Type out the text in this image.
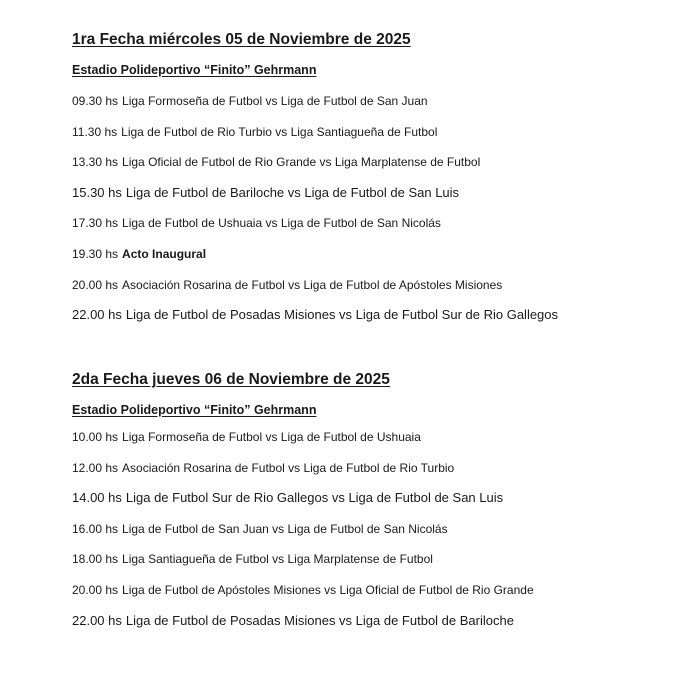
1ra Fecha miércoles 05 de Noviembre de 2025
Estadio Polideportivo “Finito” Gehrmann
09.30 hs Liga Formoseña de Futbol vs Liga de Futbol de San Juan
11.30 hs Liga de Futbol de Rio Turbio vs Liga Santiagueña de Futbol
13.30 hs Liga Oficial de Futbol de Rio Grande vs Liga Marplatense de Futbol
15.30 hs Liga de Futbol de Bariloche vs Liga de Futbol de San Luis
17.30 hs Liga de Futbol de Ushuaia vs Liga de Futbol de San Nicolás
19.30 hs Acto Inaugural
20.00 hs Asociación Rosarina de Futbol vs Liga de Futbol de Apóstoles Misiones
22.00 hs Liga de Futbol de Posadas Misiones vs Liga de Futbol Sur de Rio Gallegos
2da Fecha jueves 06 de Noviembre de 2025
Estadio Polideportivo “Finito” Gehrmann
10.00 hs Liga Formoseña de Futbol vs Liga de Futbol de Ushuaia
12.00 hs Asociación Rosarina de Futbol vs Liga de Futbol de Rio Turbio
14.00 hs Liga de Futbol Sur de Rio Gallegos vs Liga de Futbol de San Luis
16.00 hs Liga de Futbol de San Juan vs Liga de Futbol de San Nicolás
18.00 hs Liga Santiagueña de Futbol vs Liga Marplatense de Futbol
20.00 hs Liga de Futbol de Apóstoles Misiones vs Liga Oficial de Futbol de Rio Grande
22.00 hs Liga de Futbol de Posadas Misiones vs Liga de Futbol de Bariloche
